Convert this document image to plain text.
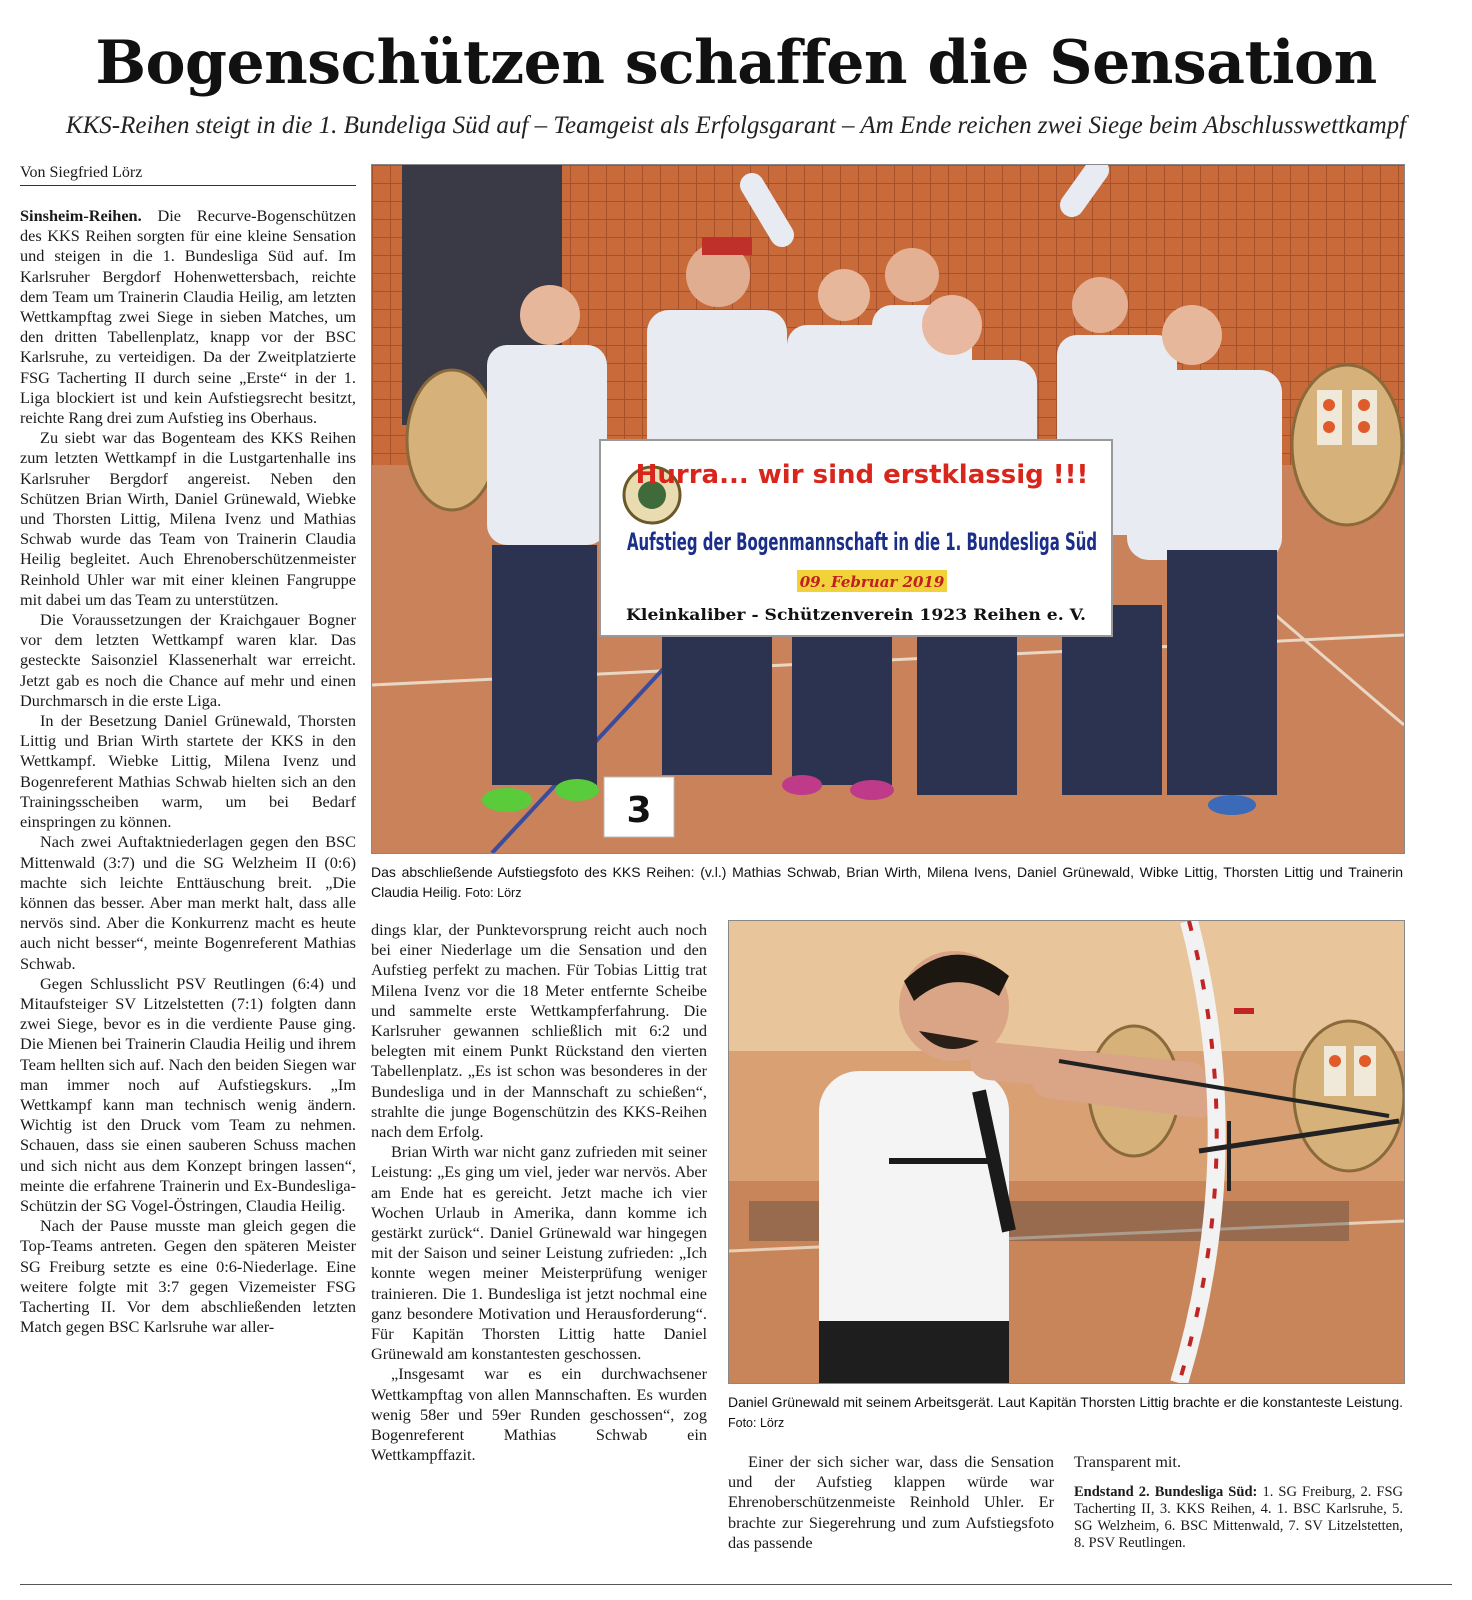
Bogenschützen schaffen die Sensation
KKS-Reihen steigt in die 1. Bundeliga Süd auf – Teamgeist als Erfolgsgarant – Am Ende reichen zwei Siege beim Abschlusswettkampf
Von Siegfried Lörz

Sinsheim-Reihen. Die Recurve-Bogenschützen des KKS Reihen sorgten für eine kleine Sensation und steigen in die 1. Bundesliga Süd auf. Im Karlsruher Bergdorf Hohenwettersbach, reichte dem Team um Trainerin Claudia Heilig, am letzten Wettkampftag zwei Siege in sieben Matches, um den dritten Tabellenplatz, knapp vor der BSC Karlsruhe, zu verteidigen. Da der Zweitplatzierte FSG Tacherting II durch seine „Erste“ in der 1. Liga blockiert ist und kein Aufstiegsrecht besitzt, reichte Rang drei zum Aufstieg ins Oberhaus.

Zu siebt war das Bogenteam des KKS Reihen zum letzten Wettkampf in die Lustgartenhalle ins Karlsruher Bergdorf angereist. Neben den Schützen Brian Wirth, Daniel Grünewald, Wiebke und Thorsten Littig, Milena Ivenz und Mathias Schwab wurde das Team von Trainerin Claudia Heilig begleitet. Auch Ehrenoberschützenmeister Reinhold Uhler war mit einer kleinen Fangruppe mit dabei um das Team zu unterstützen.

Die Voraussetzungen der Kraichgauer Bogner vor dem letzten Wettkampf waren klar. Das gesteckte Saisonziel Klassenerhalt war erreicht. Jetzt gab es noch die Chance auf mehr und einen Durchmarsch in die erste Liga.

In der Besetzung Daniel Grünewald, Thorsten Littig und Brian Wirth startete der KKS in den Wettkampf. Wiebke Littig, Milena Ivenz und Bogenreferent Mathias Schwab hielten sich an den Trainingsscheiben warm, um bei Bedarf einspringen zu können.

Nach zwei Auftaktniederlagen gegen den BSC Mittenwald (3:7) und die SG Welzheim II (0:6) machte sich leichte Enttäuschung breit. „Die können das besser. Aber man merkt halt, dass alle nervös sind. Aber die Konkurrenz macht es heute auch nicht besser“, meinte Bogenreferent Mathias Schwab.

Gegen Schlusslicht PSV Reutlingen (6:4) und Mitaufsteiger SV Litzelstetten (7:1) folgten dann zwei Siege, bevor es in die verdiente Pause ging. Die Mienen bei Trainerin Claudia Heilig und ihrem Team hellten sich auf. Nach den beiden Siegen war man immer noch auf Aufstiegskurs. „Im Wettkampf kann man technisch wenig ändern. Wichtig ist den Druck vom Team zu nehmen. Schauen, dass sie einen sauberen Schuss machen und sich nicht aus dem Konzept bringen lassen“, meinte die erfahrene Trainerin und Ex-Bundesliga-Schützin der SG Vogel-Östringen, Claudia Heilig.

Nach der Pause musste man gleich gegen die Top-Teams antreten. Gegen den späteren Meister SG Freiburg setzte es eine 0:6-Niederlage. Eine weitere folgte mit 3:7 gegen Vizemeister FSG Tacherting II. Vor dem abschließenden letzten Match gegen BSC Karlsruhe war aller-

Hurra... wir sind erstklassig !!!
Aufstieg der Bogenmannschaft in die 1. Bundesliga Süd
09. Februar 2019
Kleinkaliber - Schützenverein 1923 Reihen e. V.
3
Das abschließende Aufstiegsfoto des KKS Reihen: (v.l.) Mathias Schwab, Brian Wirth, Milena Ivens, Daniel Grünewald, Wibke Littig, Thorsten Littig und Trainerin Claudia Heilig. Foto: Lörz

dings klar, der Punktevorsprung reicht auch noch bei einer Niederlage um die Sensation und den Aufstieg perfekt zu machen. Für Tobias Littig trat Milena Ivenz vor die 18 Meter entfernte Scheibe und sammelte erste Wettkampferfahrung. Die Karlsruher gewannen schließlich mit 6:2 und belegten mit einem Punkt Rückstand den vierten Tabellenplatz. „Es ist schon was besonderes in der Bundesliga und in der Mannschaft zu schießen“, strahlte die junge Bogenschützin des KKS-Reihen nach dem Erfolg.

Brian Wirth war nicht ganz zufrieden mit seiner Leistung: „Es ging um viel, jeder war nervös. Aber am Ende hat es gereicht. Jetzt mache ich vier Wochen Urlaub in Amerika, dann komme ich gestärkt zurück“. Daniel Grünewald war hingegen mit der Saison und seiner Leistung zufrieden: „Ich konnte wegen meiner Meisterprüfung weniger trainieren. Die 1. Bundesliga ist jetzt nochmal eine ganz besondere Motivation und Herausforderung“. Für Kapitän Thorsten Littig hatte Daniel Grünewald am konstantesten geschossen.

„Insgesamt war es ein durchwachsener Wettkampftag von allen Mannschaften. Es wurden wenig 58er und 59er Runden geschossen“, zog Bogenreferent Mathias Schwab ein Wettkampffazit.

Daniel Grünewald mit seinem Arbeitsgerät. Laut Kapitän Thorsten Littig brachte er die konstanteste Leistung. Foto: Lörz

Einer der sich sicher war, dass die Sensation und der Aufstieg klappen würde war Ehrenoberschützenmeiste Reinhold Uhler. Er brachte zur Siegerehrung und zum Aufstiegsfoto das passende

Transparent mit.

Endstand 2. Bundesliga Süd: 1. SG Freiburg, 2. FSG Tacherting II, 3. KKS Reihen, 4. 1. BSC Karlsruhe, 5. SG Welzheim, 6. BSC Mittenwald, 7. SV Litzelstetten, 8. PSV Reutlingen.
